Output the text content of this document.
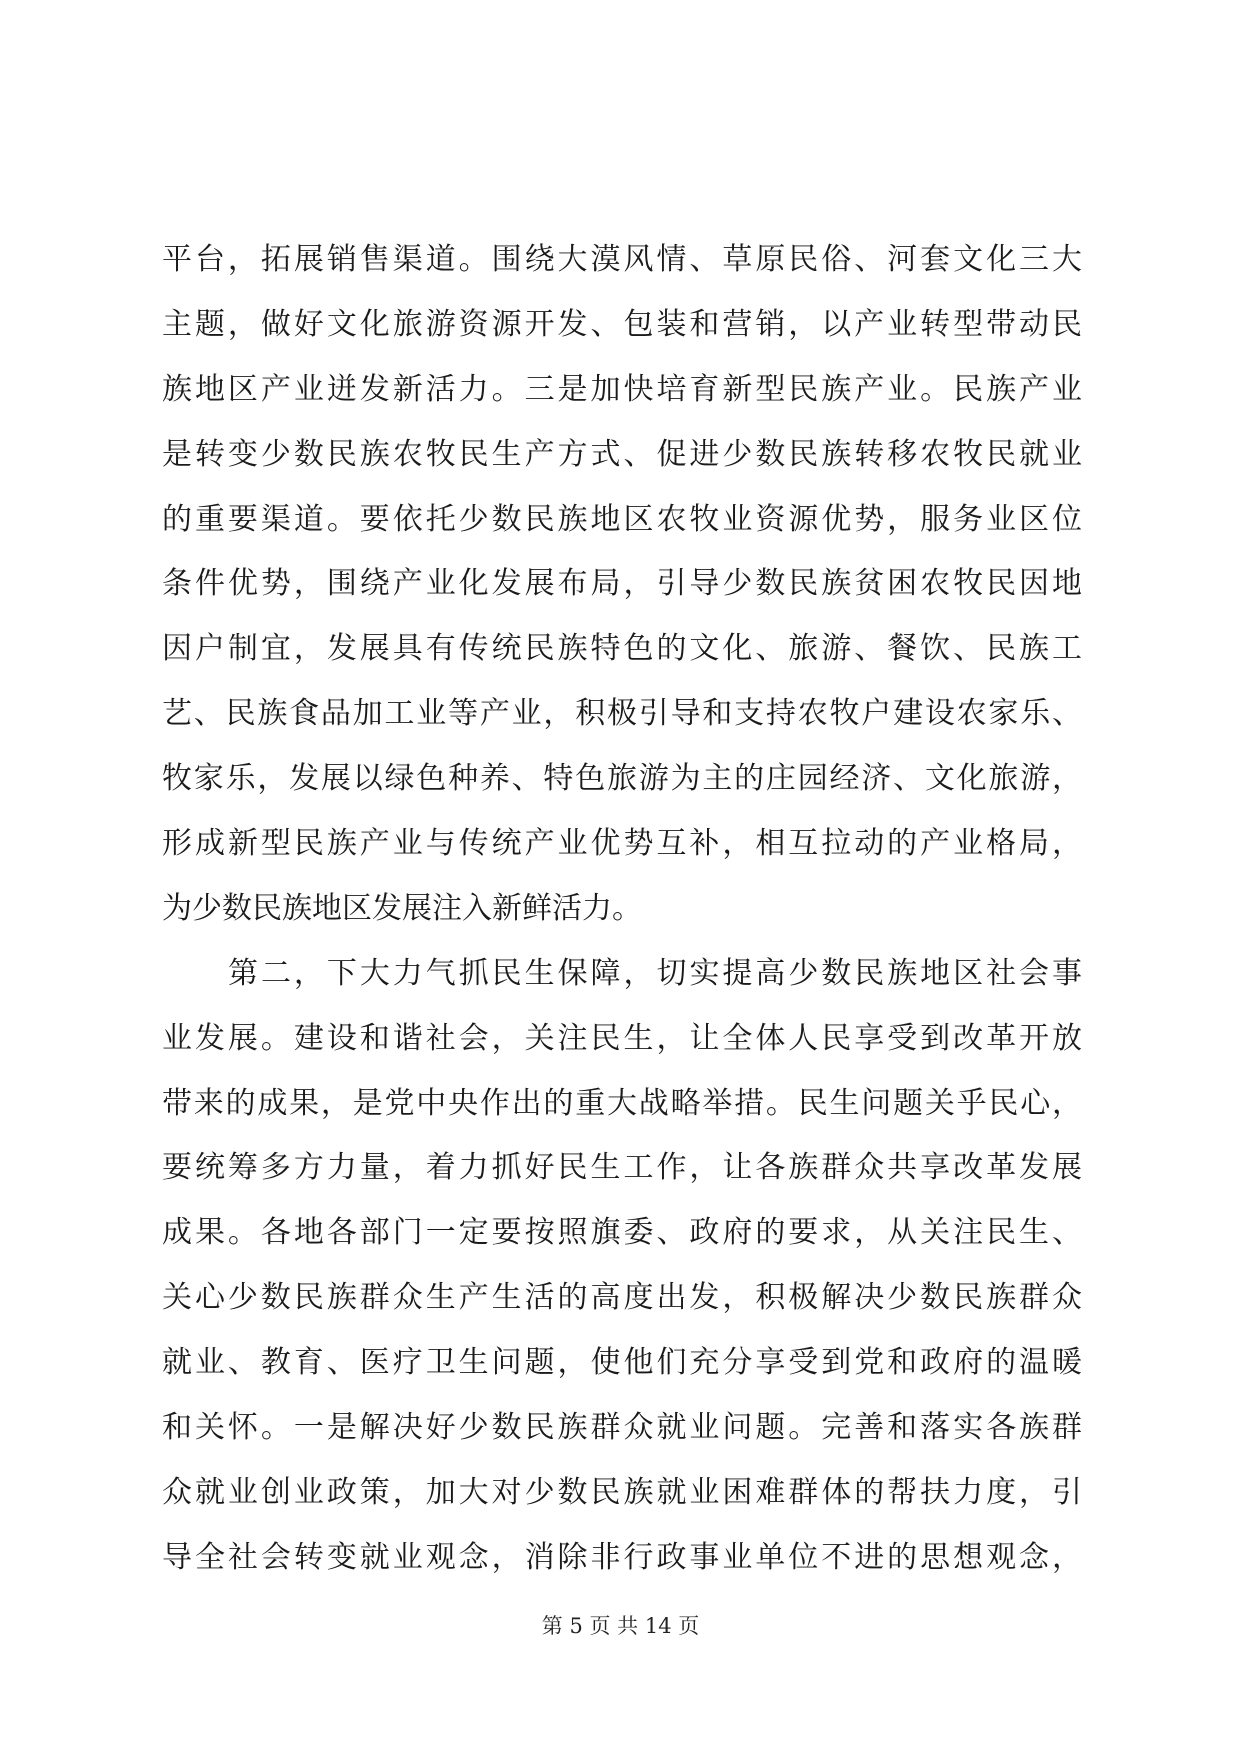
平台，拓展销售渠道。围绕大漠风情、草原民俗、河套文化三大
主题，做好文化旅游资源开发、包装和营销，以产业转型带动民
族地区产业迸发新活力。三是加快培育新型民族产业。民族产业
是转变少数民族农牧民生产方式、促进少数民族转移农牧民就业
的重要渠道。要依托少数民族地区农牧业资源优势，服务业区位
条件优势，围绕产业化发展布局，引导少数民族贫困农牧民因地
因户制宜，发展具有传统民族特色的文化、旅游、餐饮、民族工
艺、民族食品加工业等产业，积极引导和支持农牧户建设农家乐、
牧家乐，发展以绿色种养、特色旅游为主的庄园经济、文化旅游，
形成新型民族产业与传统产业优势互补，相互拉动的产业格局，
为少数民族地区发展注入新鲜活力。
第二，下大力气抓民生保障，切实提高少数民族地区社会事
业发展。建设和谐社会，关注民生，让全体人民享受到改革开放
带来的成果，是党中央作出的重大战略举措。民生问题关乎民心，
要统筹多方力量，着力抓好民生工作，让各族群众共享改革发展
成果。各地各部门一定要按照旗委、政府的要求，从关注民生、
关心少数民族群众生产生活的高度出发，积极解决少数民族群众
就业、教育、医疗卫生问题，使他们充分享受到党和政府的温暖
和关怀。一是解决好少数民族群众就业问题。完善和落实各族群
众就业创业政策，加大对少数民族就业困难群体的帮扶力度，引
导全社会转变就业观念，消除非行政事业单位不进的思想观念，
第 5 页 共 14 页
